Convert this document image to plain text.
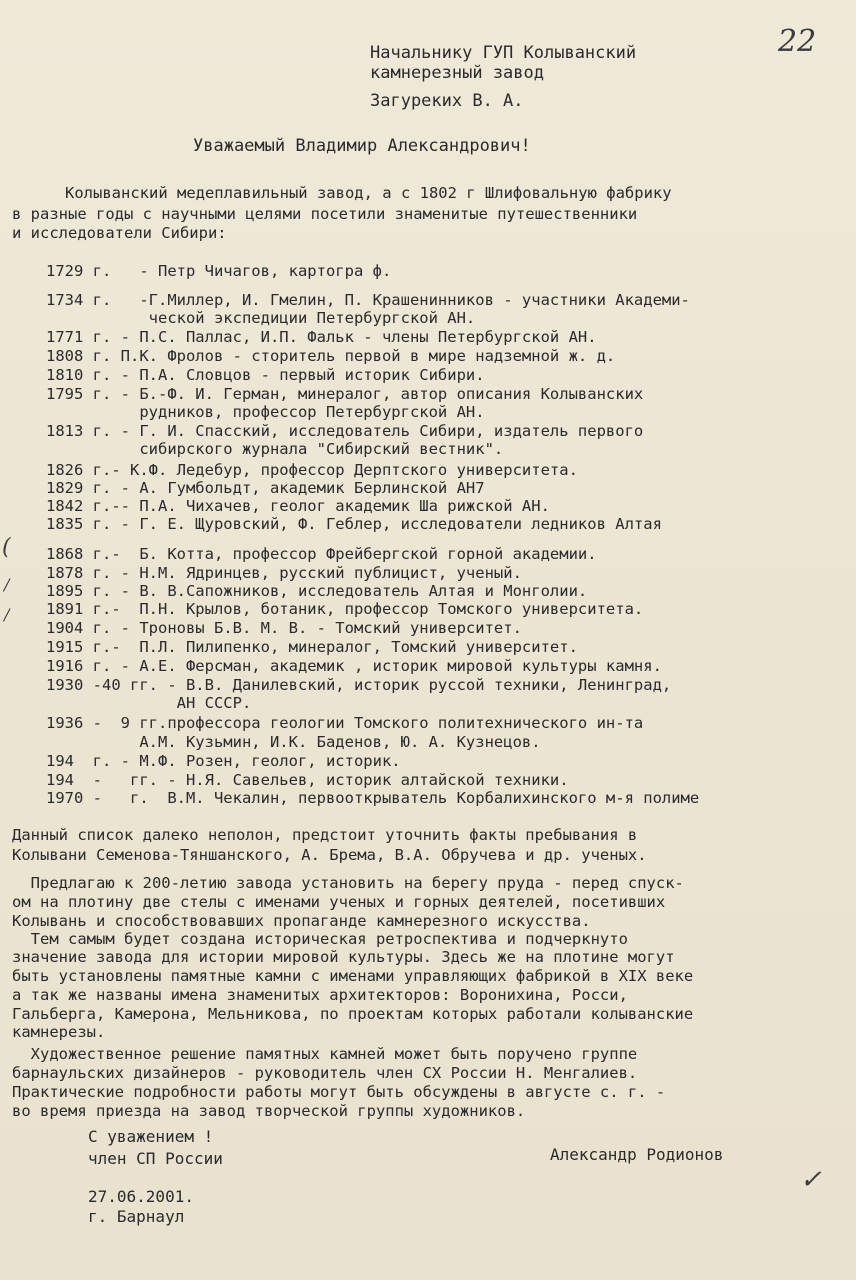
22
Начальнику ГУП Колыванский
камнерезный завод
Загуреких В. А.
Уважаемый Владимир Александрович!
Колыванский медеплавильный завод, а с 1802 г Шлифовальную фабрику
в разные годы с научными целями посетили знаменитые путешественники
и исследователи Сибири:
1729 г.   - Петр Чичагов, картогра ф.
1734 г.   -Г.Миллер, И. Гмелин, П. Крашенинников - участники Академи-
ческой экспедиции Петербургской АН.
1771 г. - П.С. Паллас, И.П. Фальк - члены Петербургской АН.
1808 г. П.К. Фролов - сторитель первой в мире надземной ж. д.
1810 г. - П.А. Словцов - первый историк Сибири.
1795 г. - Б.-Ф. И. Герман, минералог, автор описания Колыванских
рудников, профессор Петербургской АН.
1813 г. - Г. И. Спасский, исследователь Сибири, издатель первого
сибирского журнала "Сибирский вестник".
1826 г.- К.Ф. Ледебур, профессор Дерптского университета.
1829 г. - А. Гумбольдт, академик Берлинской АН7
1842 г.-- П.А. Чихачев, геолог академик Ша рижской АН.
1835 г. - Г. Е. Щуровский, Ф. Геблер, исследователи ледников Алтая
1868 г.-  Б. Котта, профессор Фрейбергской горной академии.
1878 г. - Н.М. Ядринцев, русский публицист, ученый.
1895 г. - В. В.Сапожников, исследователь Алтая и Монголии.
1891 г.-  П.Н. Крылов, ботаник, профессор Томского университета.
1904 г. - Троновы Б.В. М. В. - Томский университет.
1915 г.-  П.Л. Пилипенко, минералог, Томский университет.
1916 г. - А.Е. Ферсман, академик , историк мировой культуры камня.
1930 -40 гг. - В.В. Данилевский, историк руссой техники, Ленинград,
АН СССР.
1936 -  9 гг.профессора геологии Томского политехнического ин-та
А.М. Кузьмин, И.К. Баденов, Ю. А. Кузнецов.
194  г. - М.Ф. Розен, геолог, историк.
194  -   гг. - Н.Я. Савельев, историк алтайской техники.
1970 -   г.  В.М. Чекалин, первооткрыватель Корбалихинского м-я полиме
Данный список далеко неполон, предстоит уточнить факты пребывания в
Колывани Семенова-Тяншанского, А. Брема, В.А. Обручева и др. ученых.
Предлагаю к 200-летию завода установить на берегу пруда - перед спуск-
ом на плотину две стелы с именами ученых и горных деятелей, посетивших
Колывань и способствовавших пропаганде камнерезного искусства.
Тем самым будет создана историческая ретроспектива и подчеркнуто
значение завода для истории мировой культуры. Здесь же на плотине могут
быть установлены памятные камни с именами управляющих фабрикой в XIX веке
а так же названы имена знаменитых архитекторов: Воронихина, Росси,
Гальберга, Камерона, Мельникова, по проектам которых работали колыванские
камнерезы.
Художественное решение памятных камней может быть поручено группе
барнаульских дизайнеров - руководитель член СХ России Н. Менгалиев.
Практические подробности работы могут быть обсуждены в августе с. г. -
во время приезда на завод творческой группы художников.
С уважением !
член СП России	Александр Родионов
✓
27.06.2001.
г. Барнаул
(
/
/
